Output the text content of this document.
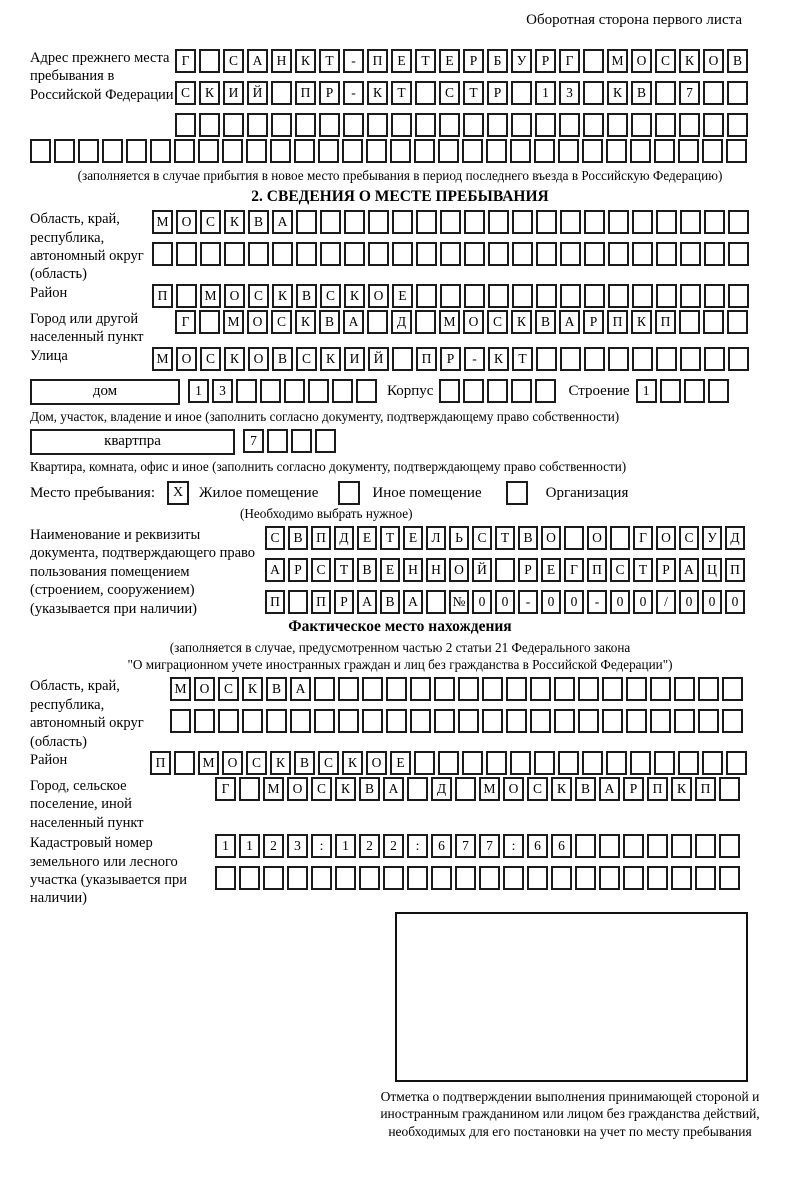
Оборотная сторона первого листа
Адрес прежнего места пребывания в Российской Федерации
Г	С	А	Н	К	Т	-	П	Е	Т	Е	Р	Б	У	Р	Г	М О	С	К	О	В
С	К	И	Й	П	Р	-	К	Т	С	Т	Р	1	3	К	В	7
(заполняется в случае прибытия в новое место пребывания в период последнего въезда в Российскую Федерацию)
2. СВЕДЕНИЯ О МЕСТЕ ПРЕБЫВАНИЯ
Область, край, республика, автономный округ (область)
М О	С	К	В	А
Район	П	М О	С	К	В	С	К	О	Е
Город или другой населенный пункт
Г	М О	С	К	В	А	Д	М О	С	К	В	А	Р	П	К	П
Улица	М О	С	К	О	В	С	К	И	Й	П	Р	-	К	Т
дом	1	3	Корпус	Строение 1
Дом, участок, владение и иное (заполнить согласно документу, подтверждающему право собственности)
квартпра	7
Квартира, комната, офис и иное (заполнить согласно документу, подтверждающему право собственности)
Место пребывания:	X	Жилое помещение	Иное помещение	Организация
(Необходимо выбрать нужное)
Наименование и реквизиты документа, подтверждающего право пользования помещением (строением, сооружением) (указывается при наличии)
С	В	П	Д	Е	Т	Е	Л	Ь	С	Т	В	О	О	Г	О	С	У	Д
А	Р	С	Т	В	Е	Н Н О Й	Р	Е	Г	П	С	Т	Р	А Ц П
П	П	Р	А	В	А	№ 0	0	-	0	0	-	0	0	/	0	0	0
Фактическое место нахождения
(заполняется в случае, предусмотренном частью 2 статьи 21 Федерального закона
"О миграционном учете иностранных граждан и лиц без гражданства в Российской Федерации")
Область, край, республика, автономный округ (область)
М О	С	К	В	А
Район	П	М О	С	К	В	С	К	О	Е
Город, сельское поселение, иной населенный пункт
Г	М О	С	К	В	А	Д	М О	С	К	В	А	Р	П	К	П
Кадастровый номер земельного или лесного участка (указывается при наличии)
1	1	2	3	:	1	2	2	:	6	7	7	:	6	6
Отметка о подтверждении выполнения принимающей стороной и иностранным гражданином или лицом без гражданства действий, необходимых для его постановки на учет по месту пребывания
